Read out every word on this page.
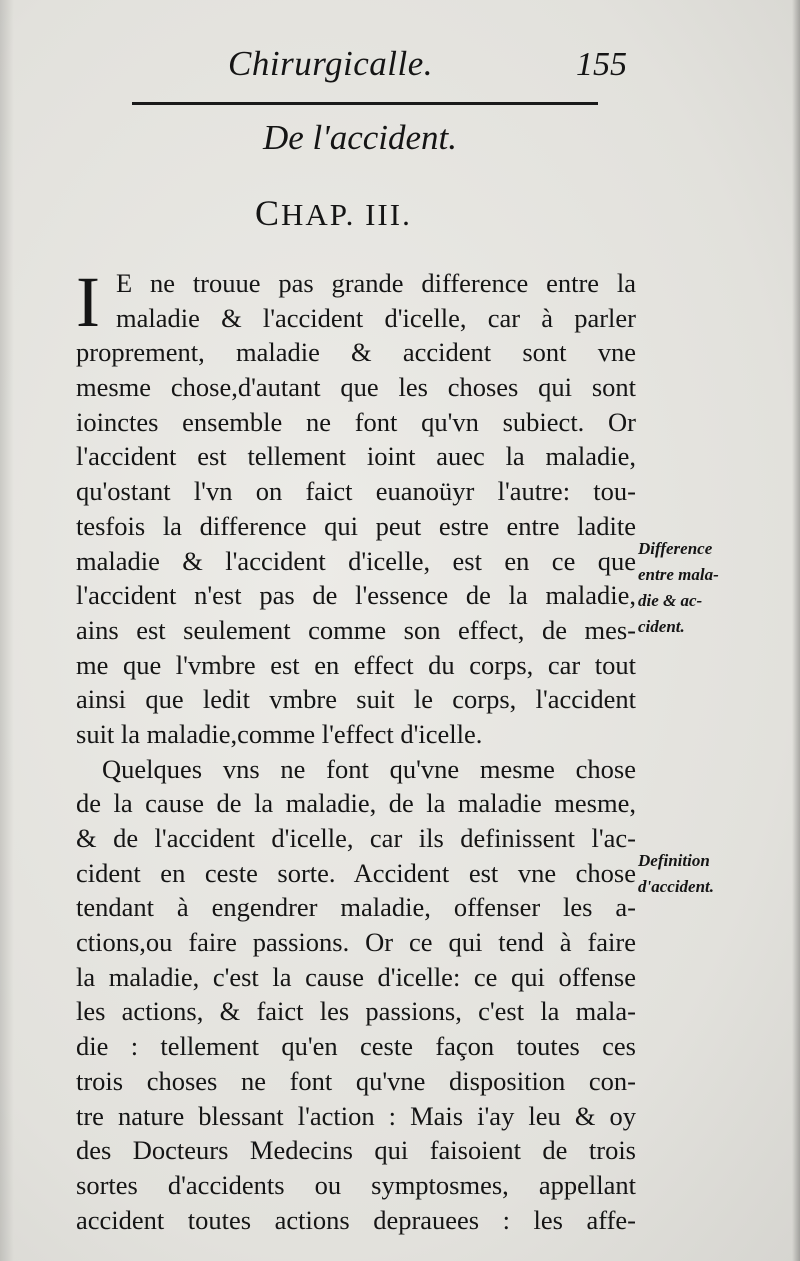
Chirurgicalle.	155
De l'accident.
CHAP. III.
I E ne trouue pas grande difference entre la
maladie & l'accident d'icelle, car à parler
proprement, maladie & accident sont vne
mesme chose,d'autant que les choses qui sont
ioinctes ensemble ne font qu'vn subiect. Or
l'accident est tellement ioint auec la maladie,
qu'ostant l'vn on faict euanoüyr l'autre: tou-
tesfois la difference qui peut estre entre ladite
maladie & l'accident d'icelle, est en ce que
l'accident n'est pas de l'essence de la maladie,
ains est seulement comme son effect, de mes-
me que l'vmbre est en effect du corps, car tout
ainsi que ledit vmbre suit le corps, l'accident
suit la maladie,comme l'effect d'icelle.
Quelques vns ne font qu'vne mesme chose
de la cause de la maladie, de la maladie mesme,
& de l'accident d'icelle, car ils definissent l'ac-
cident en ceste sorte. Accident est vne chose
tendant à engendrer maladie, offenser les a-
ctions,ou faire passions. Or ce qui tend à faire
la maladie, c'est la cause d'icelle: ce qui offense
les actions, & faict les passions, c'est la mala-
die : tellement qu'en ceste façon toutes ces
trois choses ne font qu'vne disposition con-
tre nature blessant l'action : Mais i'ay leu & oy
des Docteurs Medecins qui faisoient de trois
sortes d'accidents ou symptosmes, appellant
accident toutes actions deprauees : les affe-
Difference
entre mala-
die & ac-
cident.
Definition
d'accident.
